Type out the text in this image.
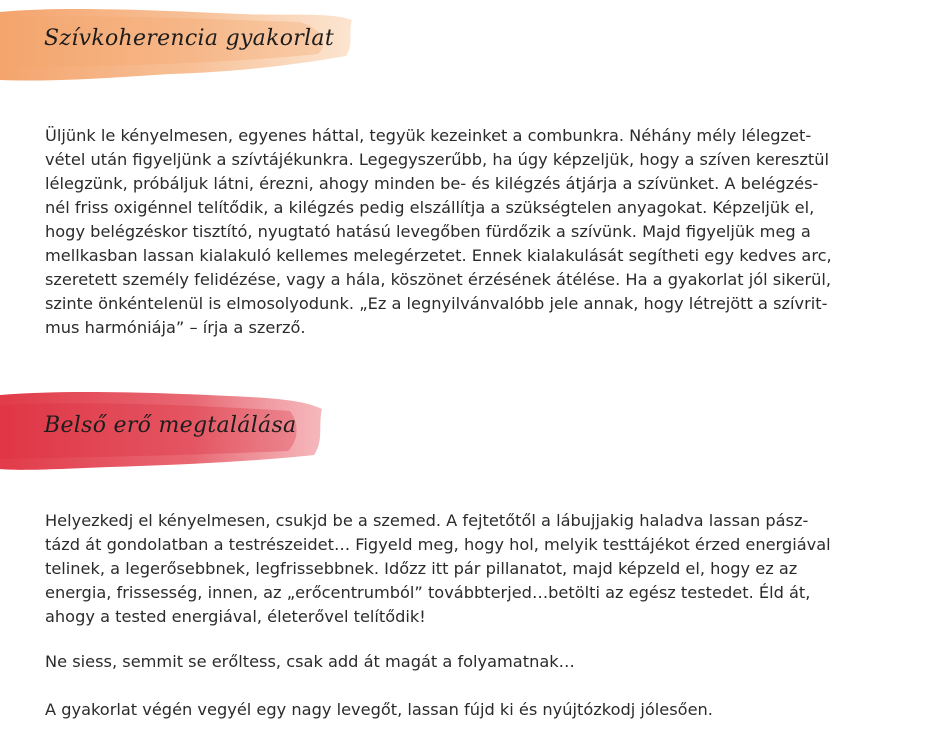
Szívkoherencia gyakorlat

Üljünk le kényelmesen, egyenes háttal, tegyük kezeinket a combunkra. Néhány mély lélegzet-
vétel után figyeljünk a szívtájékunkra. Legegyszerűbb, ha úgy képzeljük, hogy a szíven keresztül
lélegzünk, próbáljuk látni, érezni, ahogy minden be- és kilégzés átjárja a szívünket. A belégzés-
nél friss oxigénnel telítődik, a kilégzés pedig elszállítja a szükségtelen anyagokat. Képzeljük el,
hogy belégzéskor tisztító, nyugtató hatású levegőben fürdőzik a szívünk. Majd figyeljük meg a
mellkasban lassan kialakuló kellemes melegérzetet. Ennek kialakulását segítheti egy kedves arc,
szeretett személy felidézése, vagy a hála, köszönet érzésének átélése. Ha a gyakorlat jól sikerül,
szinte önkéntelenül is elmosolyodunk. „Ez a legnyilvánvalóbb jele annak, hogy létrejött a szívrit-
mus harmóniája” – írja a szerző.

Belső erő megtalálása

Helyezkedj el kényelmesen, csukjd be a szemed. A fejtetőtől a lábujjakig haladva lassan pász-
tázd át gondolatban a testrészeidet… Figyeld meg, hogy hol, melyik testtájékot érzed energiával
telinek, a legerősebbnek, legfrissebbnek. Időzz itt pár pillanatot, majd képzeld el, hogy ez az
energia, frissesség, innen, az „erőcentrumból” továbbterjed…betölti az egész testedet. Éld át,
ahogy a tested energiával, életerővel telítődik!

Ne siess, semmit se erőltess, csak add át magát a folyamatnak…

A gyakorlat végén vegyél egy nagy levegőt, lassan fújd ki és nyújtózkodj jólesően.
